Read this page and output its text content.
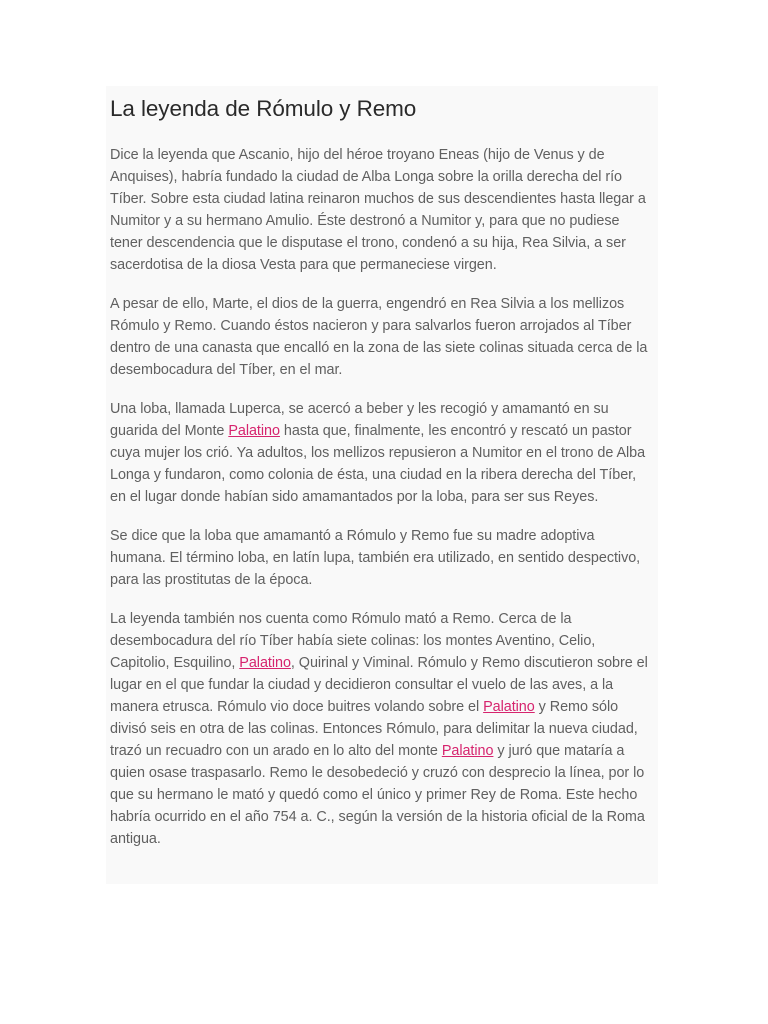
La leyenda de Rómulo y Remo

Dice la leyenda que Ascanio, hijo del héroe troyano Eneas (hijo de Venus y de Anquises), habría fundado la ciudad de Alba Longa sobre la orilla derecha del río Tíber. Sobre esta ciudad latina reinaron muchos de sus descendientes hasta llegar a Numitor y a su hermano Amulio. Éste destronó a Numitor y, para que no pudiese tener descendencia que le disputase el trono, condenó a su hija, Rea Silvia, a ser sacerdotisa de la diosa Vesta para que permaneciese virgen.

A pesar de ello, Marte, el dios de la guerra, engendró en Rea Silvia a los mellizos Rómulo y Remo. Cuando éstos nacieron y para salvarlos fueron arrojados al Tíber dentro de una canasta que encalló en la zona de las siete colinas situada cerca de la desembocadura del Tíber, en el mar.

Una loba, llamada Luperca, se acercó a beber y les recogió y amamantó en su guarida del Monte Palatino hasta que, finalmente, les encontró y rescató un pastor cuya mujer los crió. Ya adultos, los mellizos repusieron a Numitor en el trono de Alba Longa y fundaron, como colonia de ésta, una ciudad en la ribera derecha del Tíber, en el lugar donde habían sido amamantados por la loba, para ser sus Reyes.

Se dice que la loba que amamantó a Rómulo y Remo fue su madre adoptiva humana. El término loba, en latín lupa, también era utilizado, en sentido despectivo, para las prostitutas de la época.

La leyenda también nos cuenta como Rómulo mató a Remo. Cerca de la desembocadura del río Tíber había siete colinas: los montes Aventino, Celio, Capitolio, Esquilino, Palatino, Quirinal y Viminal. Rómulo y Remo discutieron sobre el lugar en el que fundar la ciudad y decidieron consultar el vuelo de las aves, a la manera etrusca. Rómulo vio doce buitres volando sobre el Palatino y Remo sólo divisó seis en otra de las colinas. Entonces Rómulo, para delimitar la nueva ciudad, trazó un recuadro con un arado en lo alto del monte Palatino y juró que mataría a quien osase traspasarlo. Remo le desobedeció y cruzó con desprecio la línea, por lo que su hermano le mató y quedó como el único y primer Rey de Roma. Este hecho habría ocurrido en el año 754 a. C., según la versión de la historia oficial de la Roma antigua.
